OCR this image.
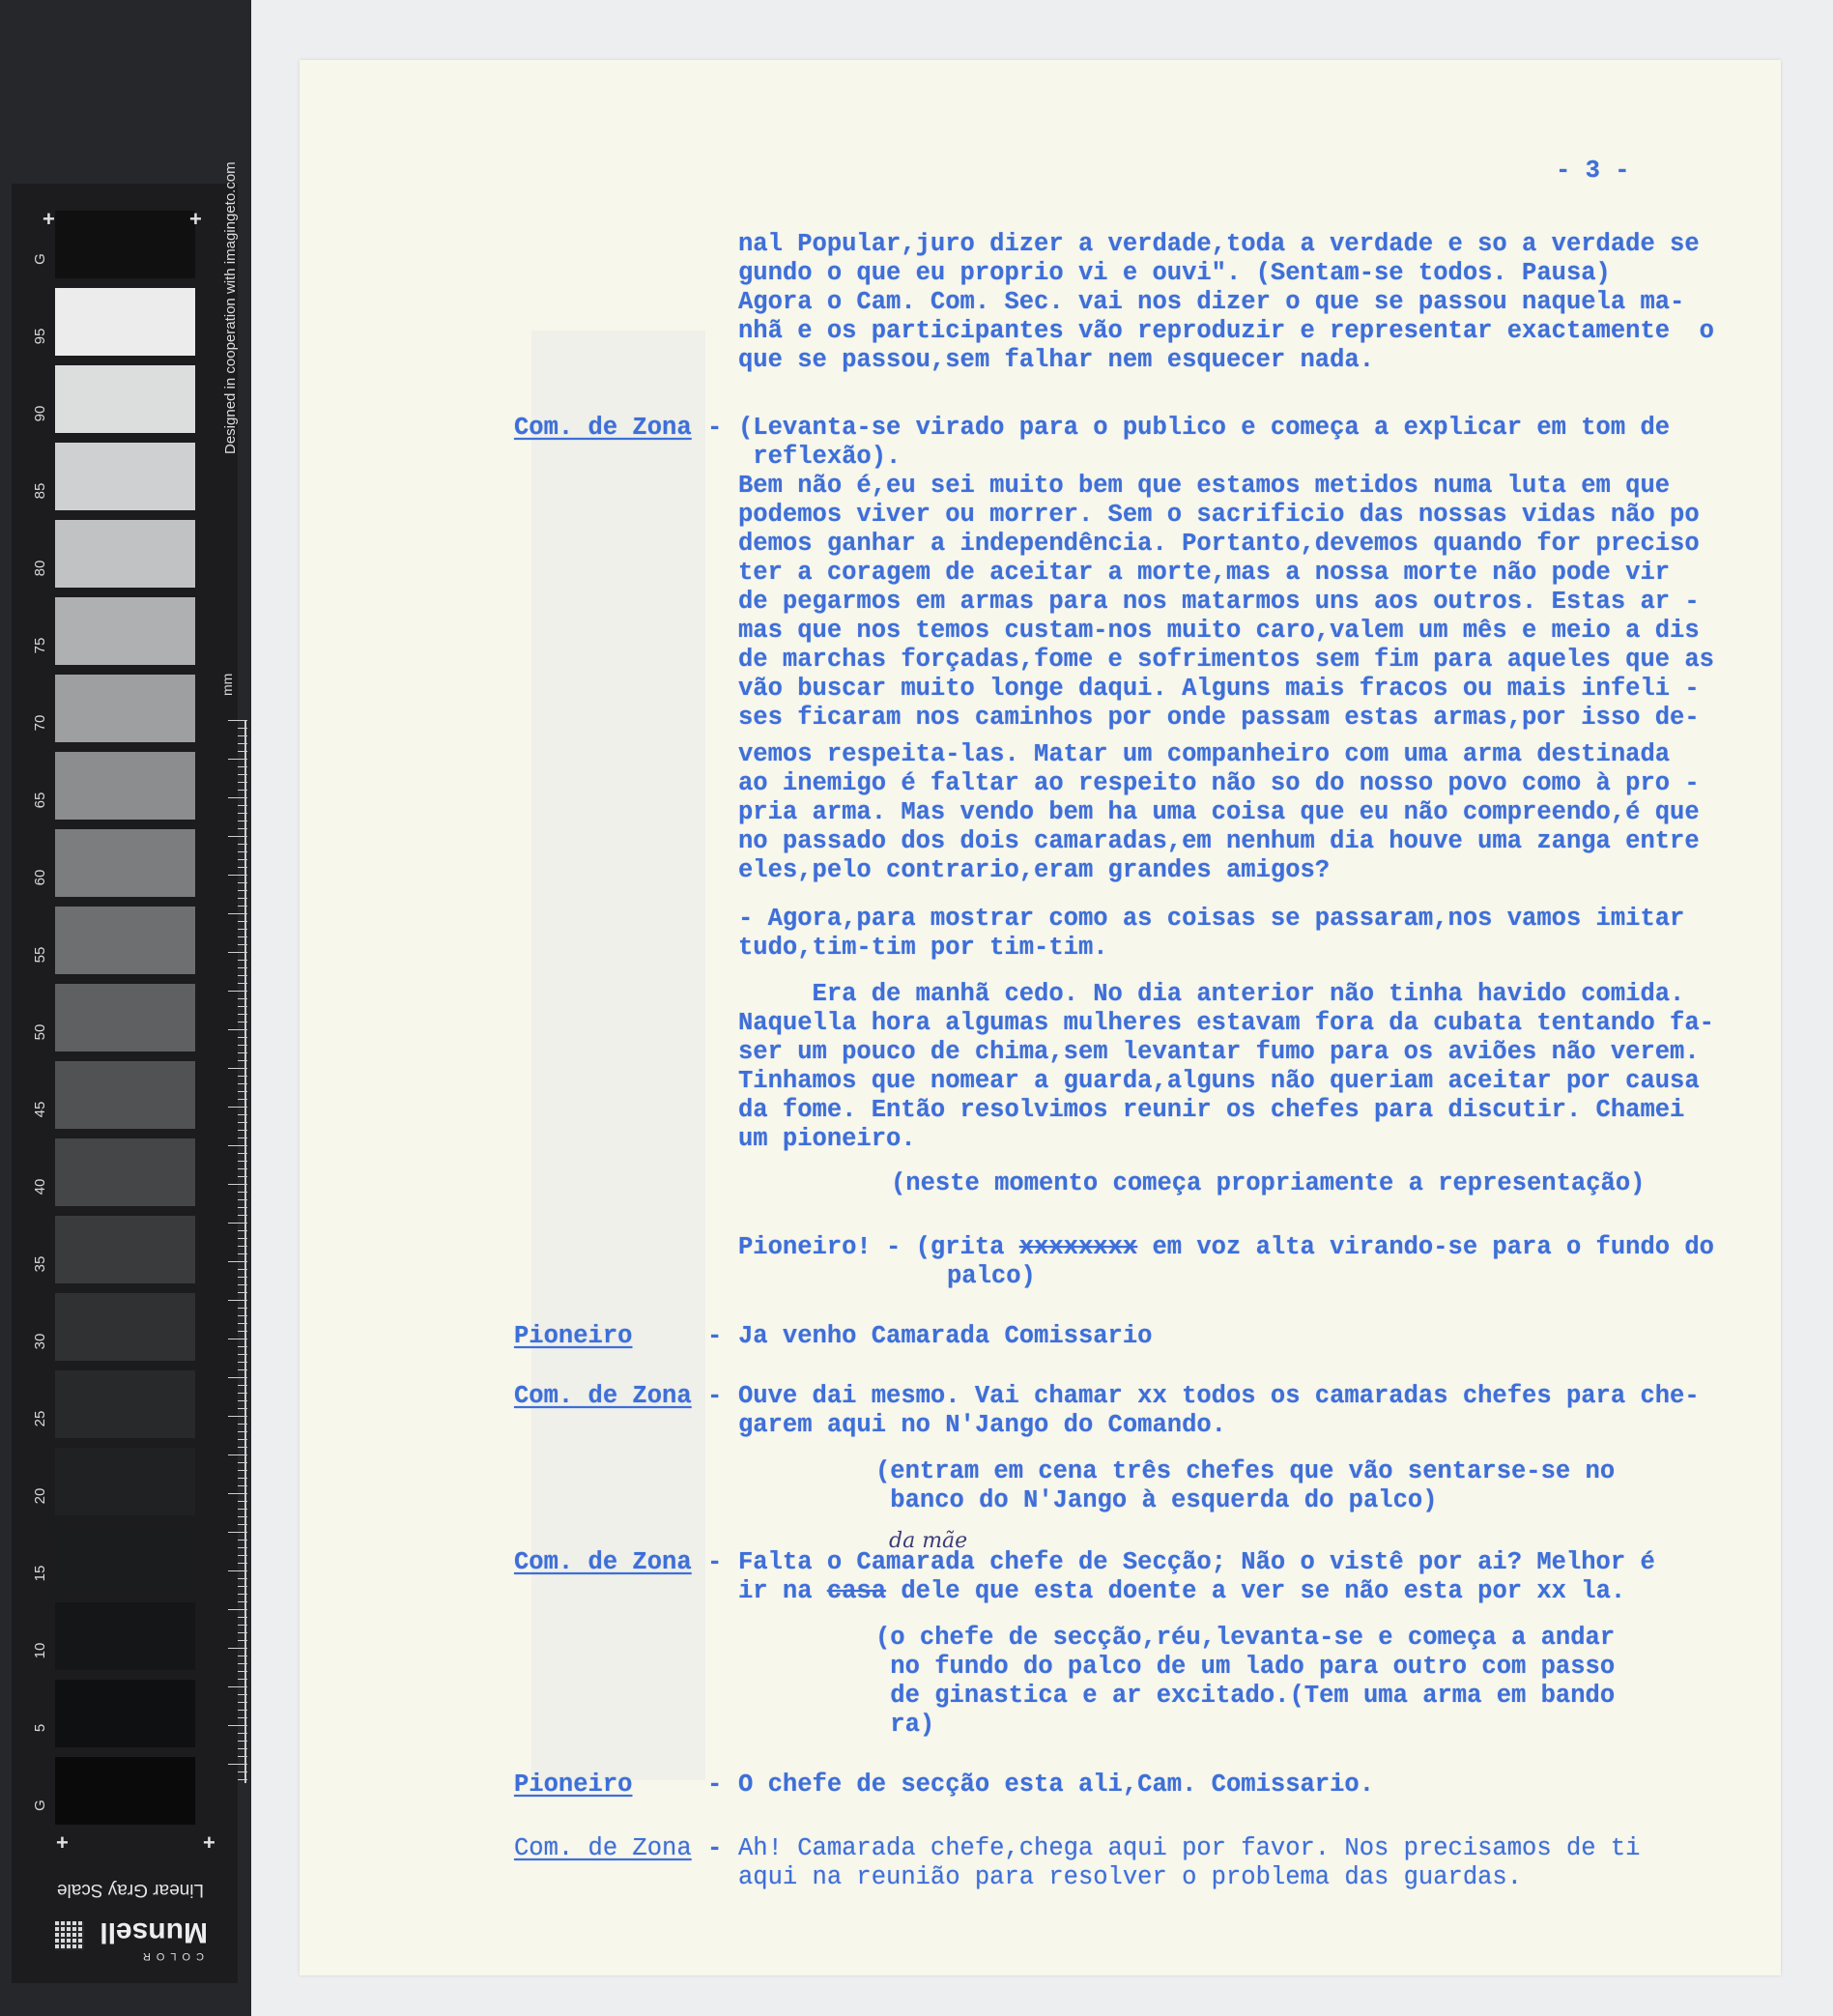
G
95
90
85
80
75
70
65
60
55
50
45
40
35
30
25
20
15
10
5
G
+	+
+	+
Designed in cooperation with imagingeto.com
mm
Linear Gray Scale
COLOR
Munsell
- 3 -
nal Popular,juro dizer a verdade,toda a verdade e so a verdade se
gundo o que eu proprio vi e ouvi". (Sentam-se todos. Pausa)
Agora o Cam. Com. Sec. vai nos dizer o que se passou naquela ma-
nhã e os participantes vão reproduzir e representar exactamente  o
que se passou,sem falhar nem esquecer nada.
Com. de Zona - (Levanta-se virado para o publico e começa a explicar em tom de
reflexão).
Bem não é,eu sei muito bem que estamos metidos numa luta em que
podemos viver ou morrer. Sem o sacrificio das nossas vidas não po
demos ganhar a independência. Portanto,devemos quando for preciso
ter a coragem de aceitar a morte,mas a nossa morte não pode vir
de pegarmos em armas para nos matarmos uns aos outros. Estas ar -
mas que nos temos custam-nos muito caro,valem um mês e meio a dis
de marchas forçadas,fome e sofrimentos sem fim para aqueles que as
vão buscar muito longe daqui. Alguns mais fracos ou mais infeli -
ses ficaram nos caminhos por onde passam estas armas,por isso de-
vemos respeita-las. Matar um companheiro com uma arma destinada
ao inemigo é faltar ao respeito não so do nosso povo como à pro -
pria arma. Mas vendo bem ha uma coisa que eu não compreendo,é que
no passado dos dois camaradas,em nenhum dia houve uma zanga entre
eles,pelo contrario,eram grandes amigos?
- Agora,para mostrar como as coisas se passaram,nos vamos imitar
tudo,tim-tim por tim-tim.
Era de manhã cedo. No dia anterior não tinha havido comida.
Naquella hora algumas mulheres estavam fora da cubata tentando fa-
ser um pouco de chima,sem levantar fumo para os aviões não verem.
Tinhamos que nomear a guarda,alguns não queriam aceitar por causa
da fome. Então resolvimos reunir os chefes para discutir. Chamei
um pioneiro.
(neste momento começa propriamente a representação)
Pioneiro! - (grita xxxxxxxx em voz alta virando-se para o fundo do
palco)
Pioneiro	- Ja venho Camarada Comissario
Com. de Zona - Ouve dai mesmo. Vai chamar xx todos os camaradas chefes para che-
garem aqui no N'Jango do Comando.
(entram em cena três chefes que vão sentarse-se no
banco do N'Jango à esquerda do palco)
Com. de Zona - Falta o Camarada chefe de Secção; Não o vistê por ai? Melhor é
ir na casa dele que esta doente a ver se não esta por xx la.
da mãe
(o chefe de secção,réu,levanta-se e começa a andar
no fundo do palco de um lado para outro com passo
de ginastica e ar excitado.(Tem uma arma em bando
ra)
Pioneiro	- O chefe de secção esta ali,Cam. Comissario.
Com. de Zona - Ah! Camarada chefe,chega aqui por favor. Nos precisamos de ti
aqui na reunião para resolver o problema das guardas.
